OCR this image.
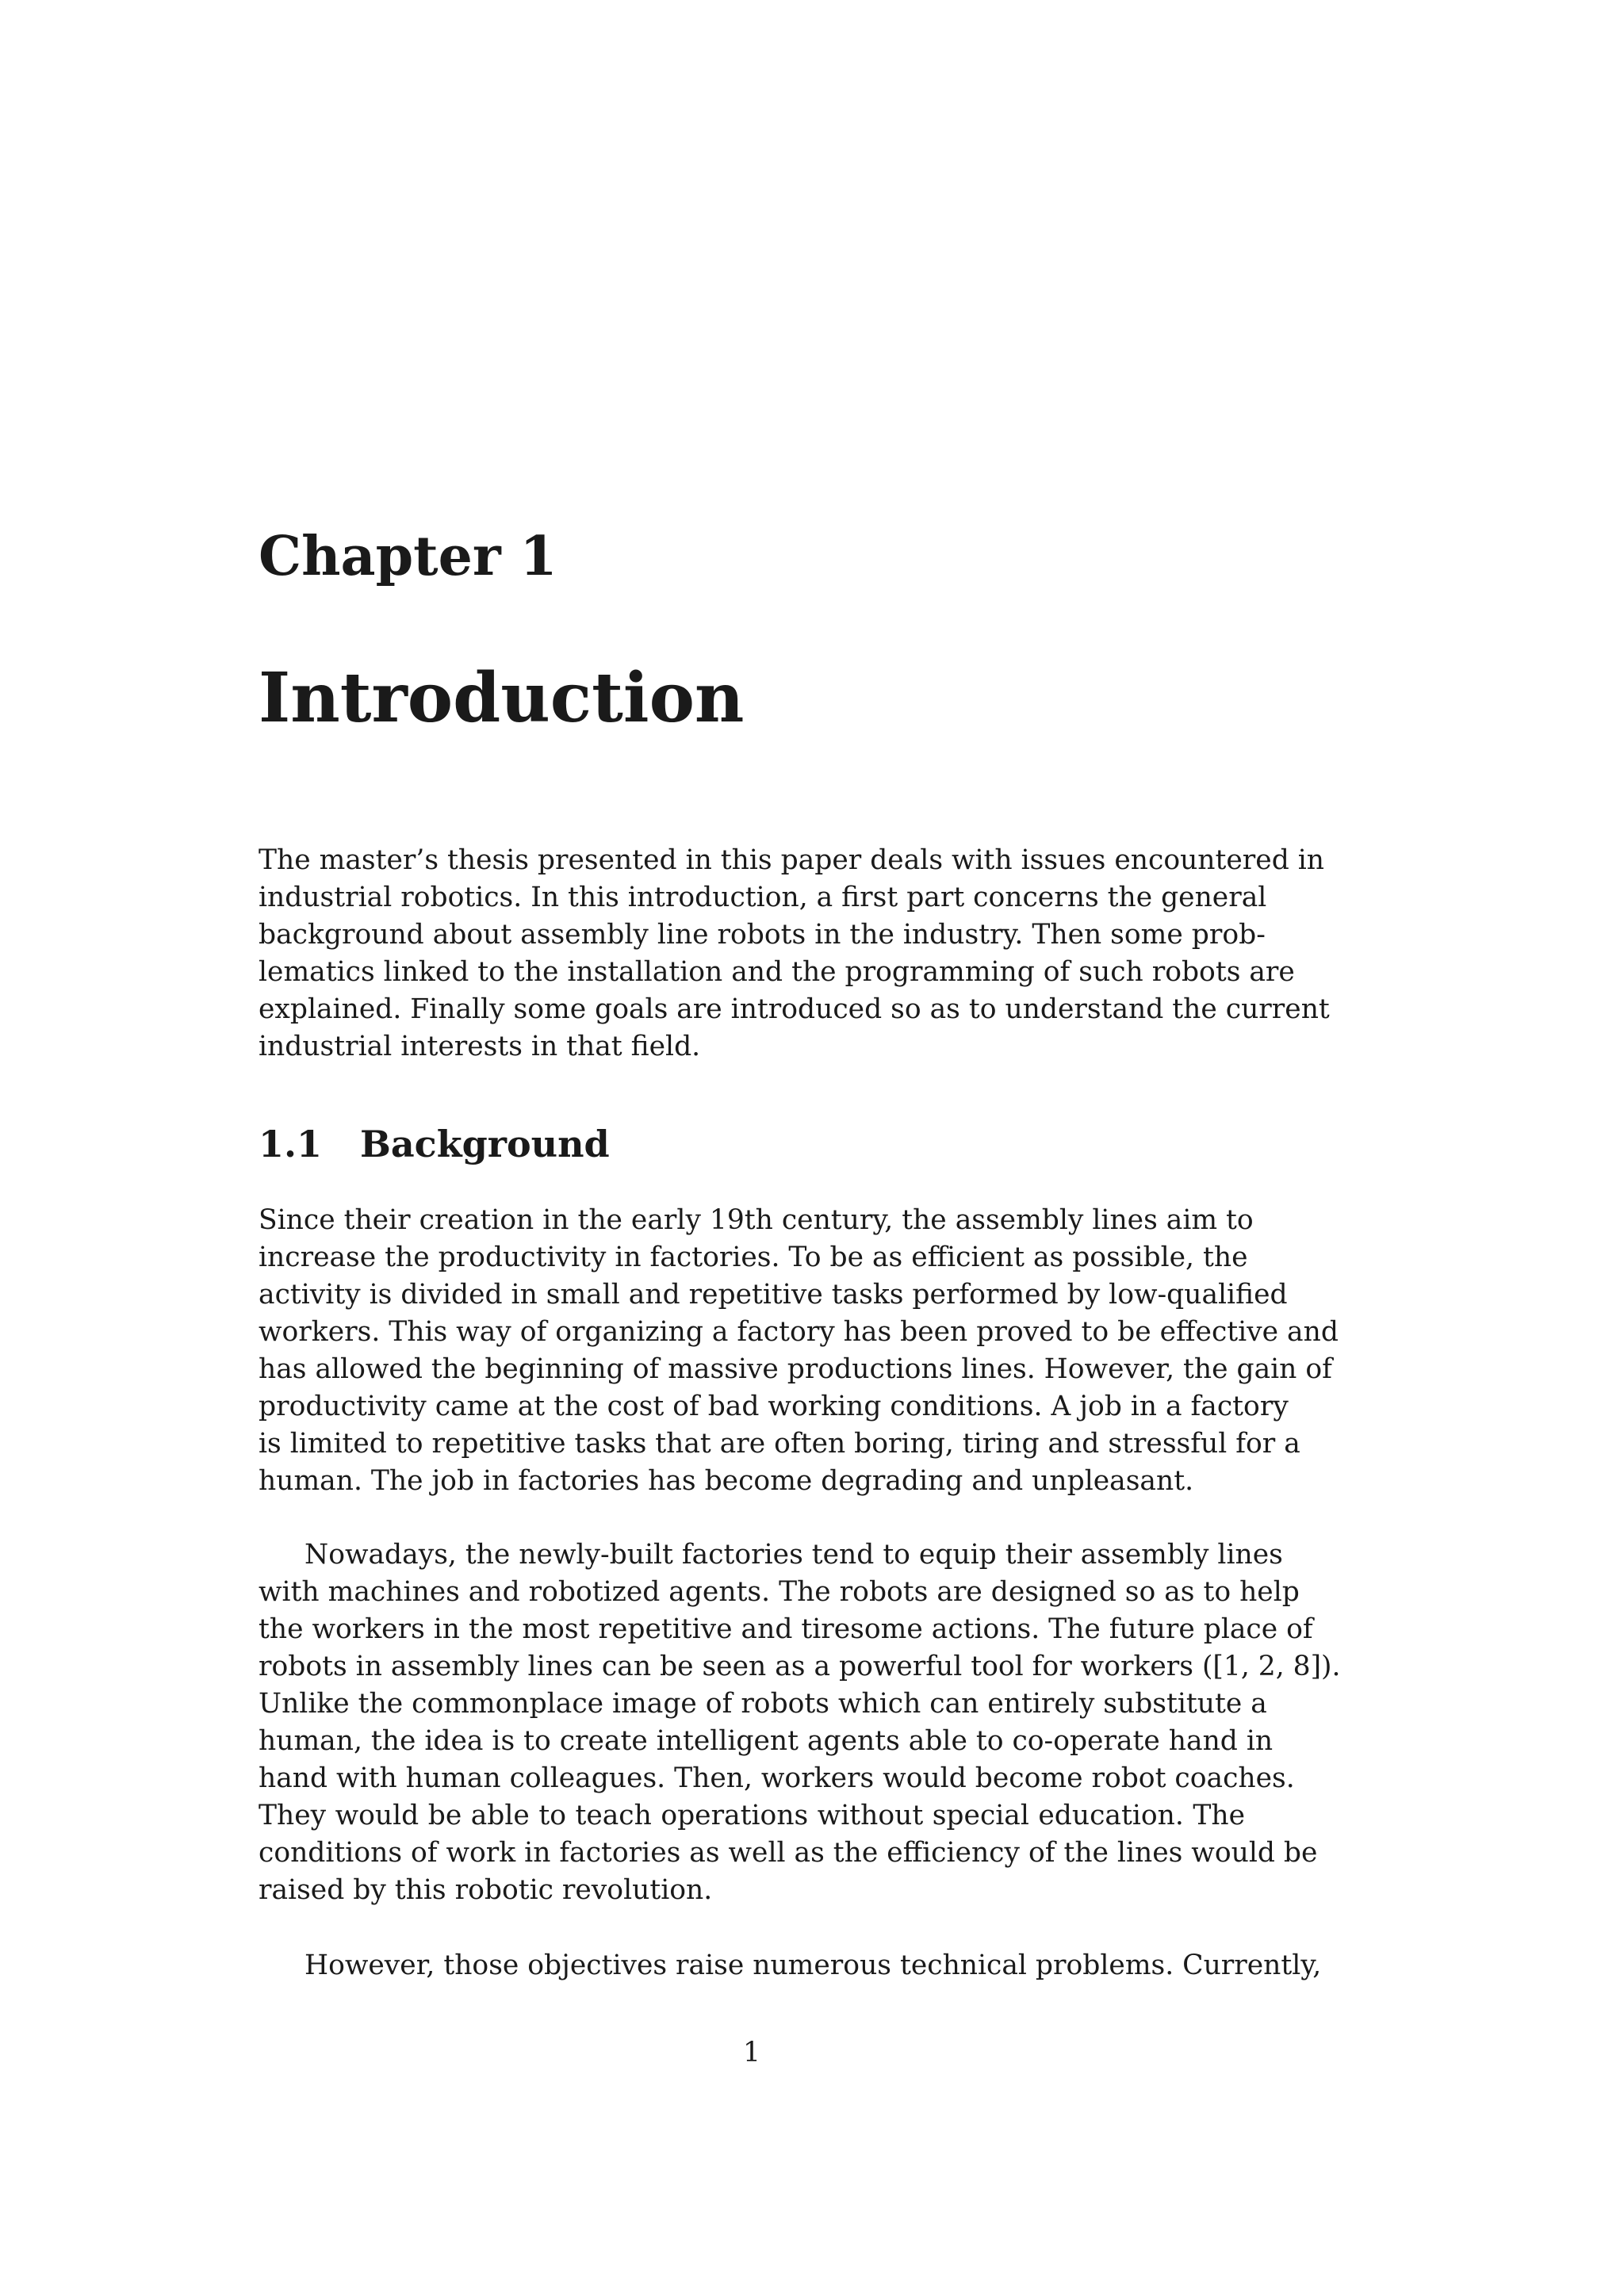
Chapter 1
Introduction
The master’s thesis presented in this paper deals with issues encountered in
industrial robotics. In this introduction, a first part concerns the general
background about assembly line robots in the industry. Then some prob-
lematics linked to the installation and the programming of such robots are
explained. Finally some goals are introduced so as to understand the current
industrial interests in that field.
1.1 Background
Since their creation in the early 19th century, the assembly lines aim to
increase the productivity in factories. To be as efficient as possible, the
activity is divided in small and repetitive tasks performed by low-qualified
workers. This way of organizing a factory has been proved to be effective and
has allowed the beginning of massive productions lines. However, the gain of
productivity came at the cost of bad working conditions. A job in a factory
is limited to repetitive tasks that are often boring, tiring and stressful for a
human. The job in factories has become degrading and unpleasant.
Nowadays, the newly-built factories tend to equip their assembly lines
with machines and robotized agents. The robots are designed so as to help
the workers in the most repetitive and tiresome actions. The future place of
robots in assembly lines can be seen as a powerful tool for workers ([1, 2, 8]).
Unlike the commonplace image of robots which can entirely substitute a
human, the idea is to create intelligent agents able to co-operate hand in
hand with human colleagues. Then, workers would become robot coaches.
They would be able to teach operations without special education. The
conditions of work in factories as well as the efficiency of the lines would be
raised by this robotic revolution.
However, those objectives raise numerous technical problems. Currently,
1
